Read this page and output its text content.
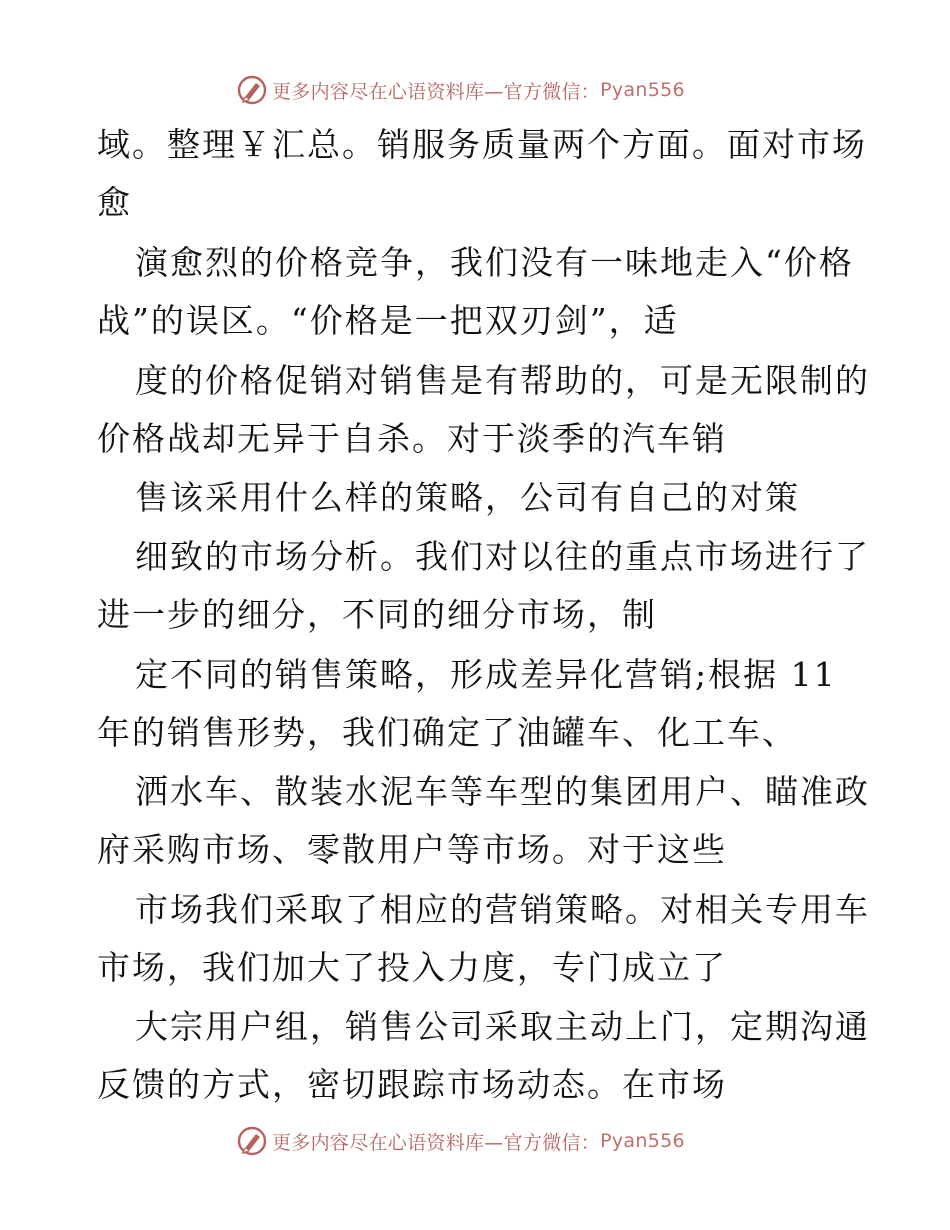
更多内容尽在心语资料库—官方微信： Pyan556
域。整理￥汇总。销服务质量两个方面。面对市场
愈
演愈烈的价格竞争，我们没有一味地走入“价格
战”的误区。“价格是一把双刃剑”，适
度的价格促销对销售是有帮助的，可是无限制的
价格战却无异于自杀。对于淡季的汽车销
售该采用什么样的策略，公司有自己的对策
细致的市场分析。我们对以往的重点市场进行了
进一步的细分，不同的细分市场，制
定不同的销售策略，形成差异化营销;根据 11
年的销售形势，我们确定了油罐车、化工车、
洒水车、散装水泥车等车型的集团用户、瞄准政
府采购市场、零散用户等市场。对于这些
市场我们采取了相应的营销策略。对相关专用车
市场，我们加大了投入力度，专门成立了
大宗用户组，销售公司采取主动上门，定期沟通
反馈的方式，密切跟踪市场动态。在市场
更多内容尽在心语资料库—官方微信： Pyan556
